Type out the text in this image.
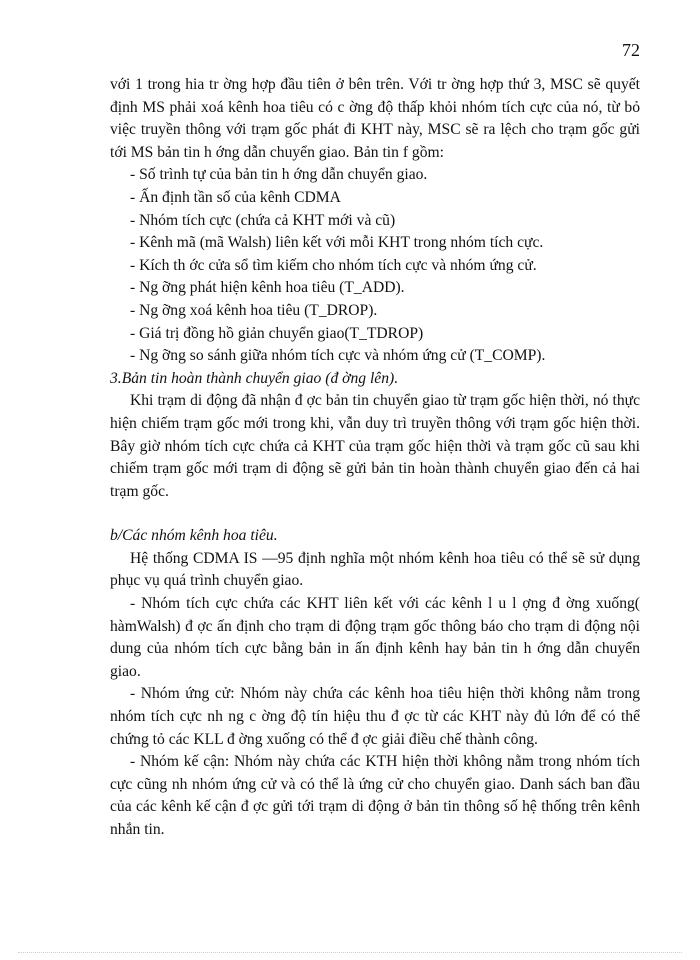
72

với 1 trong hia tr ờng hợp đầu tiên ở bên trên. Với tr ờng hợp thứ 3, MSC sẽ quyết định MS phải xoá kênh hoa tiêu có c ờng độ thấp khỏi nhóm tích cực của nó, từ bỏ việc truyền thông với trạm gốc phát đi KHT này, MSC sẽ ra lệch cho trạm gốc gửi tới MS bản tin h ớng dẫn chuyển giao. Bản tin f gồm:

- Số trình tự của bản tin h ớng dẫn chuyển giao.
- Ấn định tần số của kênh CDMA
- Nhóm tích cực (chứa cả KHT mới và cũ)
- Kênh mã (mã Walsh) liên kết với mỗi KHT trong nhóm tích cực.
- Kích th ớc cửa sổ tìm kiếm cho nhóm tích cực và nhóm ứng cử.
- Ng ỡng phát hiện kênh hoa tiêu (T_ADD).
- Ng ỡng xoá kênh hoa tiêu (T_DROP).
- Giá trị đồng hồ giản chuyển giao(T_TDROP)
- Ng ỡng so sánh giữa nhóm tích cực và nhóm ứng cử (T_COMP).

3.Bản tin hoàn thành chuyển giao (đ ờng lên).

Khi trạm di động đã nhận đ ợc bản tin chuyển giao từ trạm gốc hiện thời, nó thực hiện chiếm trạm gốc mới trong khi, vẫn duy trì truyền thông với trạm gốc hiện thời. Bây giờ nhóm tích cực chứa cả KHT của trạm gốc hiện thời và trạm gốc cũ sau khi chiếm trạm gốc mới trạm di động sẽ gửi bản tin hoàn thành chuyển giao đến cả hai trạm gốc.

b/Các nhóm kênh hoa tiêu.

Hệ thống CDMA IS —95 định nghĩa một nhóm kênh hoa tiêu có thể sẽ sử dụng phục vụ quá trình chuyển giao.

- Nhóm tích cực chứa các KHT liên kết với các kênh l u l ợng đ ờng xuống( hàmWalsh) đ ợc ấn định cho trạm di động trạm gốc thông báo cho trạm di động nội dung của nhóm tích cực bằng bản in ấn định kênh hay bản tin h ớng dẫn chuyển giao.

- Nhóm ứng cử: Nhóm này chứa các kênh hoa tiêu hiện thời không nằm trong nhóm tích cực nh ng c ờng độ tín hiệu thu đ ợc từ các KHT này đủ lớn để có thể chứng tỏ các KLL đ ờng xuống có thể đ ợc giải điều chế thành công.

- Nhóm kế cận: Nhóm này chứa các KTH hiện thời không nằm trong nhóm tích cực cũng nh nhóm ứng cử và có thể là ứng cử cho chuyển giao. Danh sách ban đầu của các kênh kế cận đ ợc gửi tới trạm di động ở bản tin thông số hệ thống trên kênh nhắn tin.
